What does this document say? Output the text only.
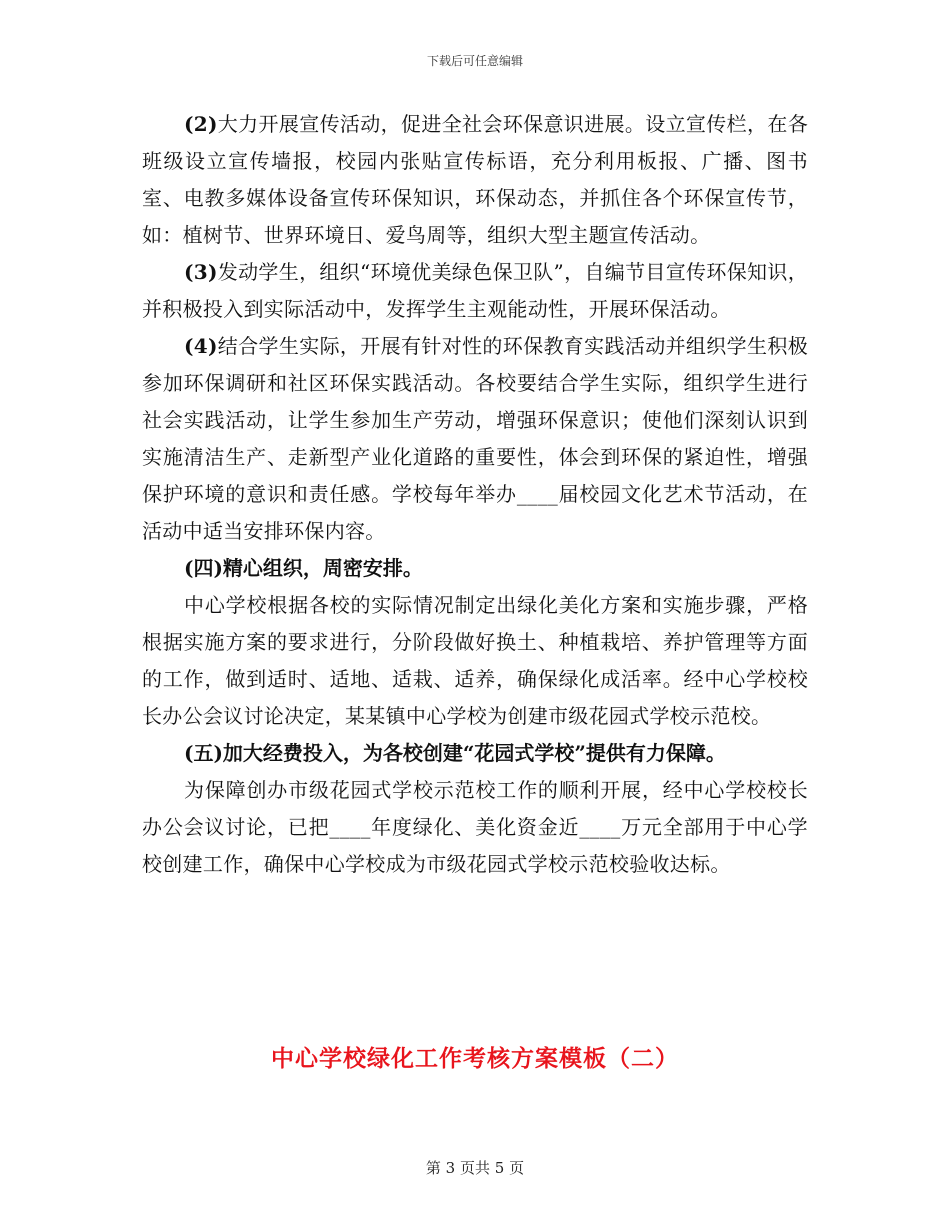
下载后可任意编辑

(2)大力开展宣传活动，促进全社会环保意识进展。设立宣传栏，在各班级设立宣传墙报，校园内张贴宣传标语，充分利用板报、广播、图书室、电教多媒体设备宣传环保知识，环保动态，并抓住各个环保宣传节，如：植树节、世界环境日、爱鸟周等，组织大型主题宣传活动。

(3)发动学生，组织“环境优美绿色保卫队”，自编节目宣传环保知识，并积极投入到实际活动中，发挥学生主观能动性，开展环保活动。

(4)结合学生实际，开展有针对性的环保教育实践活动并组织学生积极参加环保调研和社区环保实践活动。各校要结合学生实际，组织学生进行社会实践活动，让学生参加生产劳动，增强环保意识；使他们深刻认识到实施清洁生产、走新型产业化道路的重要性，体会到环保的紧迫性，增强保护环境的意识和责任感。学校每年举办____届校园文化艺术节活动，在活动中适当安排环保内容。

(四)精心组织，周密安排。

中心学校根据各校的实际情况制定出绿化美化方案和实施步骤，严格根据实施方案的要求进行，分阶段做好换土、种植栽培、养护管理等方面的工作，做到适时、适地、适栽、适养，确保绿化成活率。经中心学校校长办公会议讨论决定，某某镇中心学校为创建市级花园式学校示范校。

(五)加大经费投入，为各校创建“花园式学校”提供有力保障。

为保障创办市级花园式学校示范校工作的顺利开展，经中心学校校长办公会议讨论，已把____年度绿化、美化资金近____万元全部用于中心学校创建工作，确保中心学校成为市级花园式学校示范校验收达标。

中心学校绿化工作考核方案模板（二）
第 3 页共 5 页
